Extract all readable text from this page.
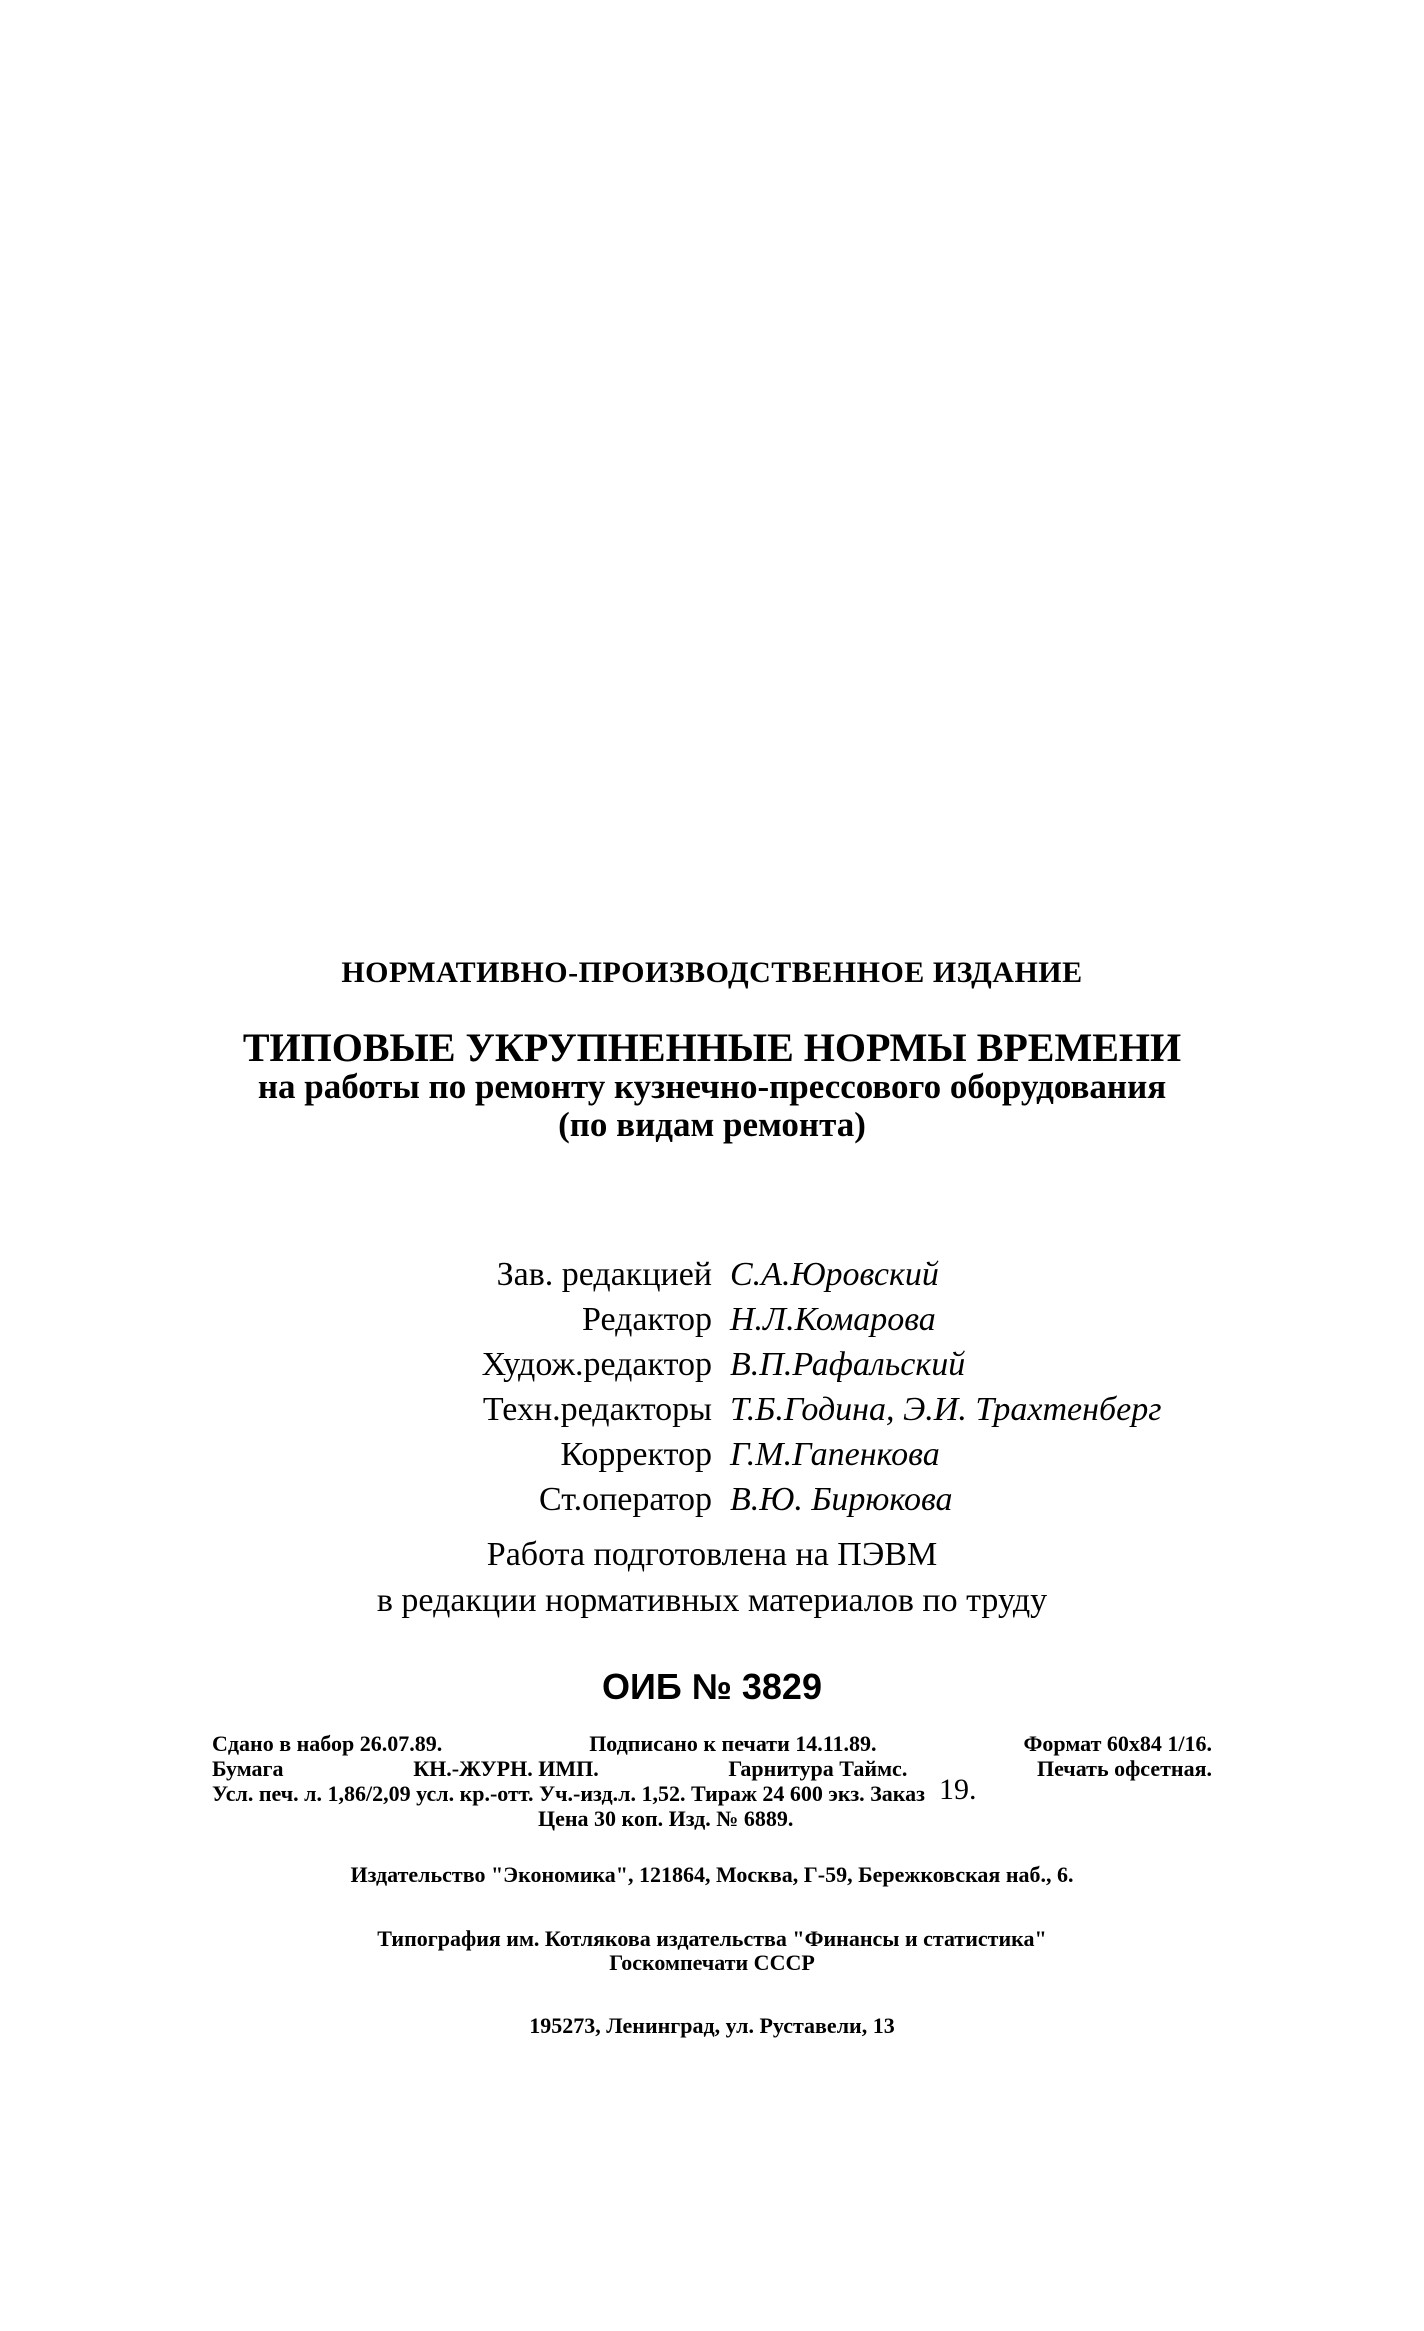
НОРМАТИВНО-ПРОИЗВОДСТВЕННОЕ ИЗДАНИЕ
ТИПОВЫЕ УКРУПНЕННЫЕ НОРМЫ ВРЕМЕНИ
на работы по ремонту кузнечно-прессового оборудования
(по видам ремонта)
Зав. редакцией С.А.Юровский
Редактор Н.Л.Комарова
Худож.редактор В.П.Рафальский
Техн.редакторы Т.Б.Година, Э.И. Трахтенберг
Корректор Г.М.Гапенкова
Ст.оператор В.Ю. Бирюкова
Работа подготовлена на ПЭВМ
в редакции нормативных материалов по труду
ОИБ № 3829
Сдано в набор 26.07.89.	Подписано к печати 14.11.89.	Формат 60x84 1/16.
Бумага	КН.-ЖУРН. ИМП.	Гарнитура Таймс.	Печать офсетная.
Усл. печ. л. 1,86/2,09 усл. кр.-отт. Уч.-изд.л. 1,52. Тираж 24 600 экз. Заказ 19.
Цена 30 коп. Изд. № 6889.
Издательство "Экономика", 121864, Москва, Г-59, Бережковская наб., 6.
Типография им. Котлякова издательства "Финансы и статистика"
Госкомпечати СССР
195273, Ленинград, ул. Руставели, 13
